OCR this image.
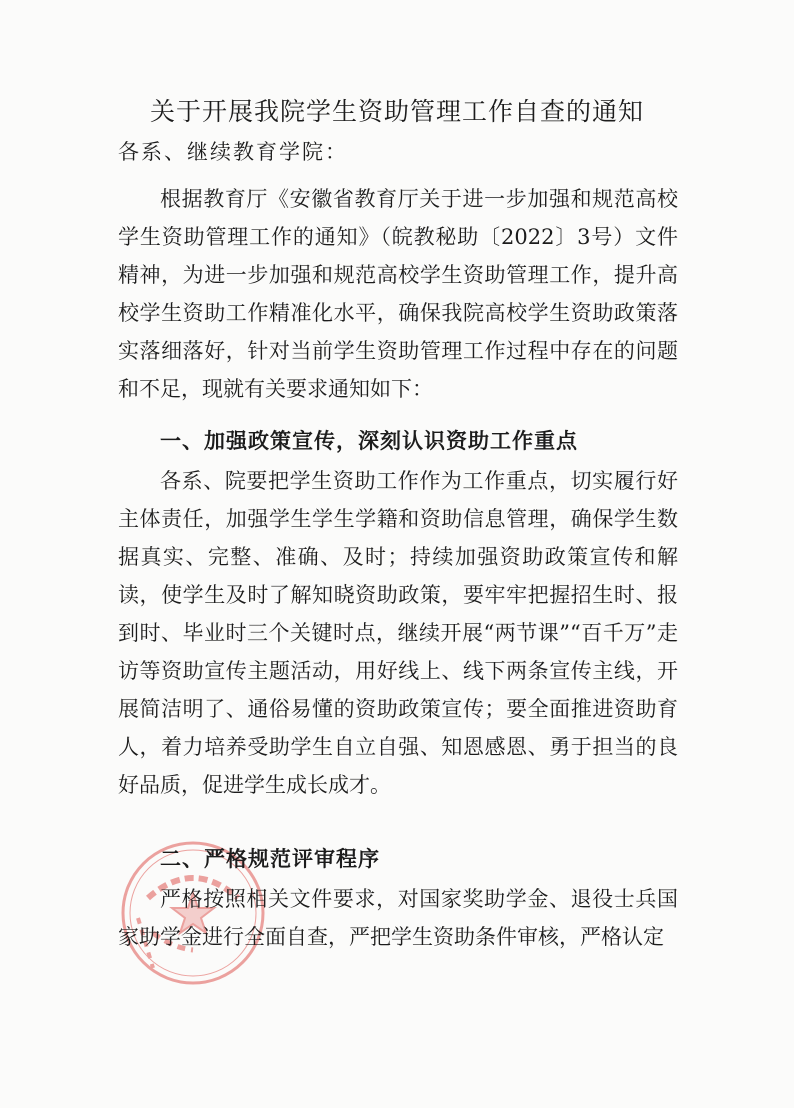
关于开展我院学生资助管理工作自查的通知

各系、继续教育学院：

根据教育厅《安徽省教育厅关于进一步加强和规范高校学生资助管理工作的通知》（皖教秘助〔2022〕3号）文件精神，为进一步加强和规范高校学生资助管理工作，提升高校学生资助工作精准化水平，确保我院高校学生资助政策落实落细落好，针对当前学生资助管理工作过程中存在的问题和不足，现就有关要求通知如下：

一、加强政策宣传，深刻认识资助工作重点

各系、院要把学生资助工作作为工作重点，切实履行好主体责任，加强学生学生学籍和资助信息管理，确保学生数据真实、完整、准确、及时；持续加强资助政策宣传和解读，使学生及时了解知晓资助政策，要牢牢把握招生时、报到时、毕业时三个关键时点，继续开展“两节课”“百千万”走访等资助宣传主题活动，用好线上、线下两条宣传主线，开展简洁明了、通俗易懂的资助政策宣传；要全面推进资助育人，着力培养受助学生自立自强、知恩感恩、勇于担当的良好品质，促进学生成长成才。

二、严格规范评审程序

严格按照相关文件要求，对国家奖助学金、退役士兵国家助学金进行全面自查，严把学生资助条件审核，严格认定
